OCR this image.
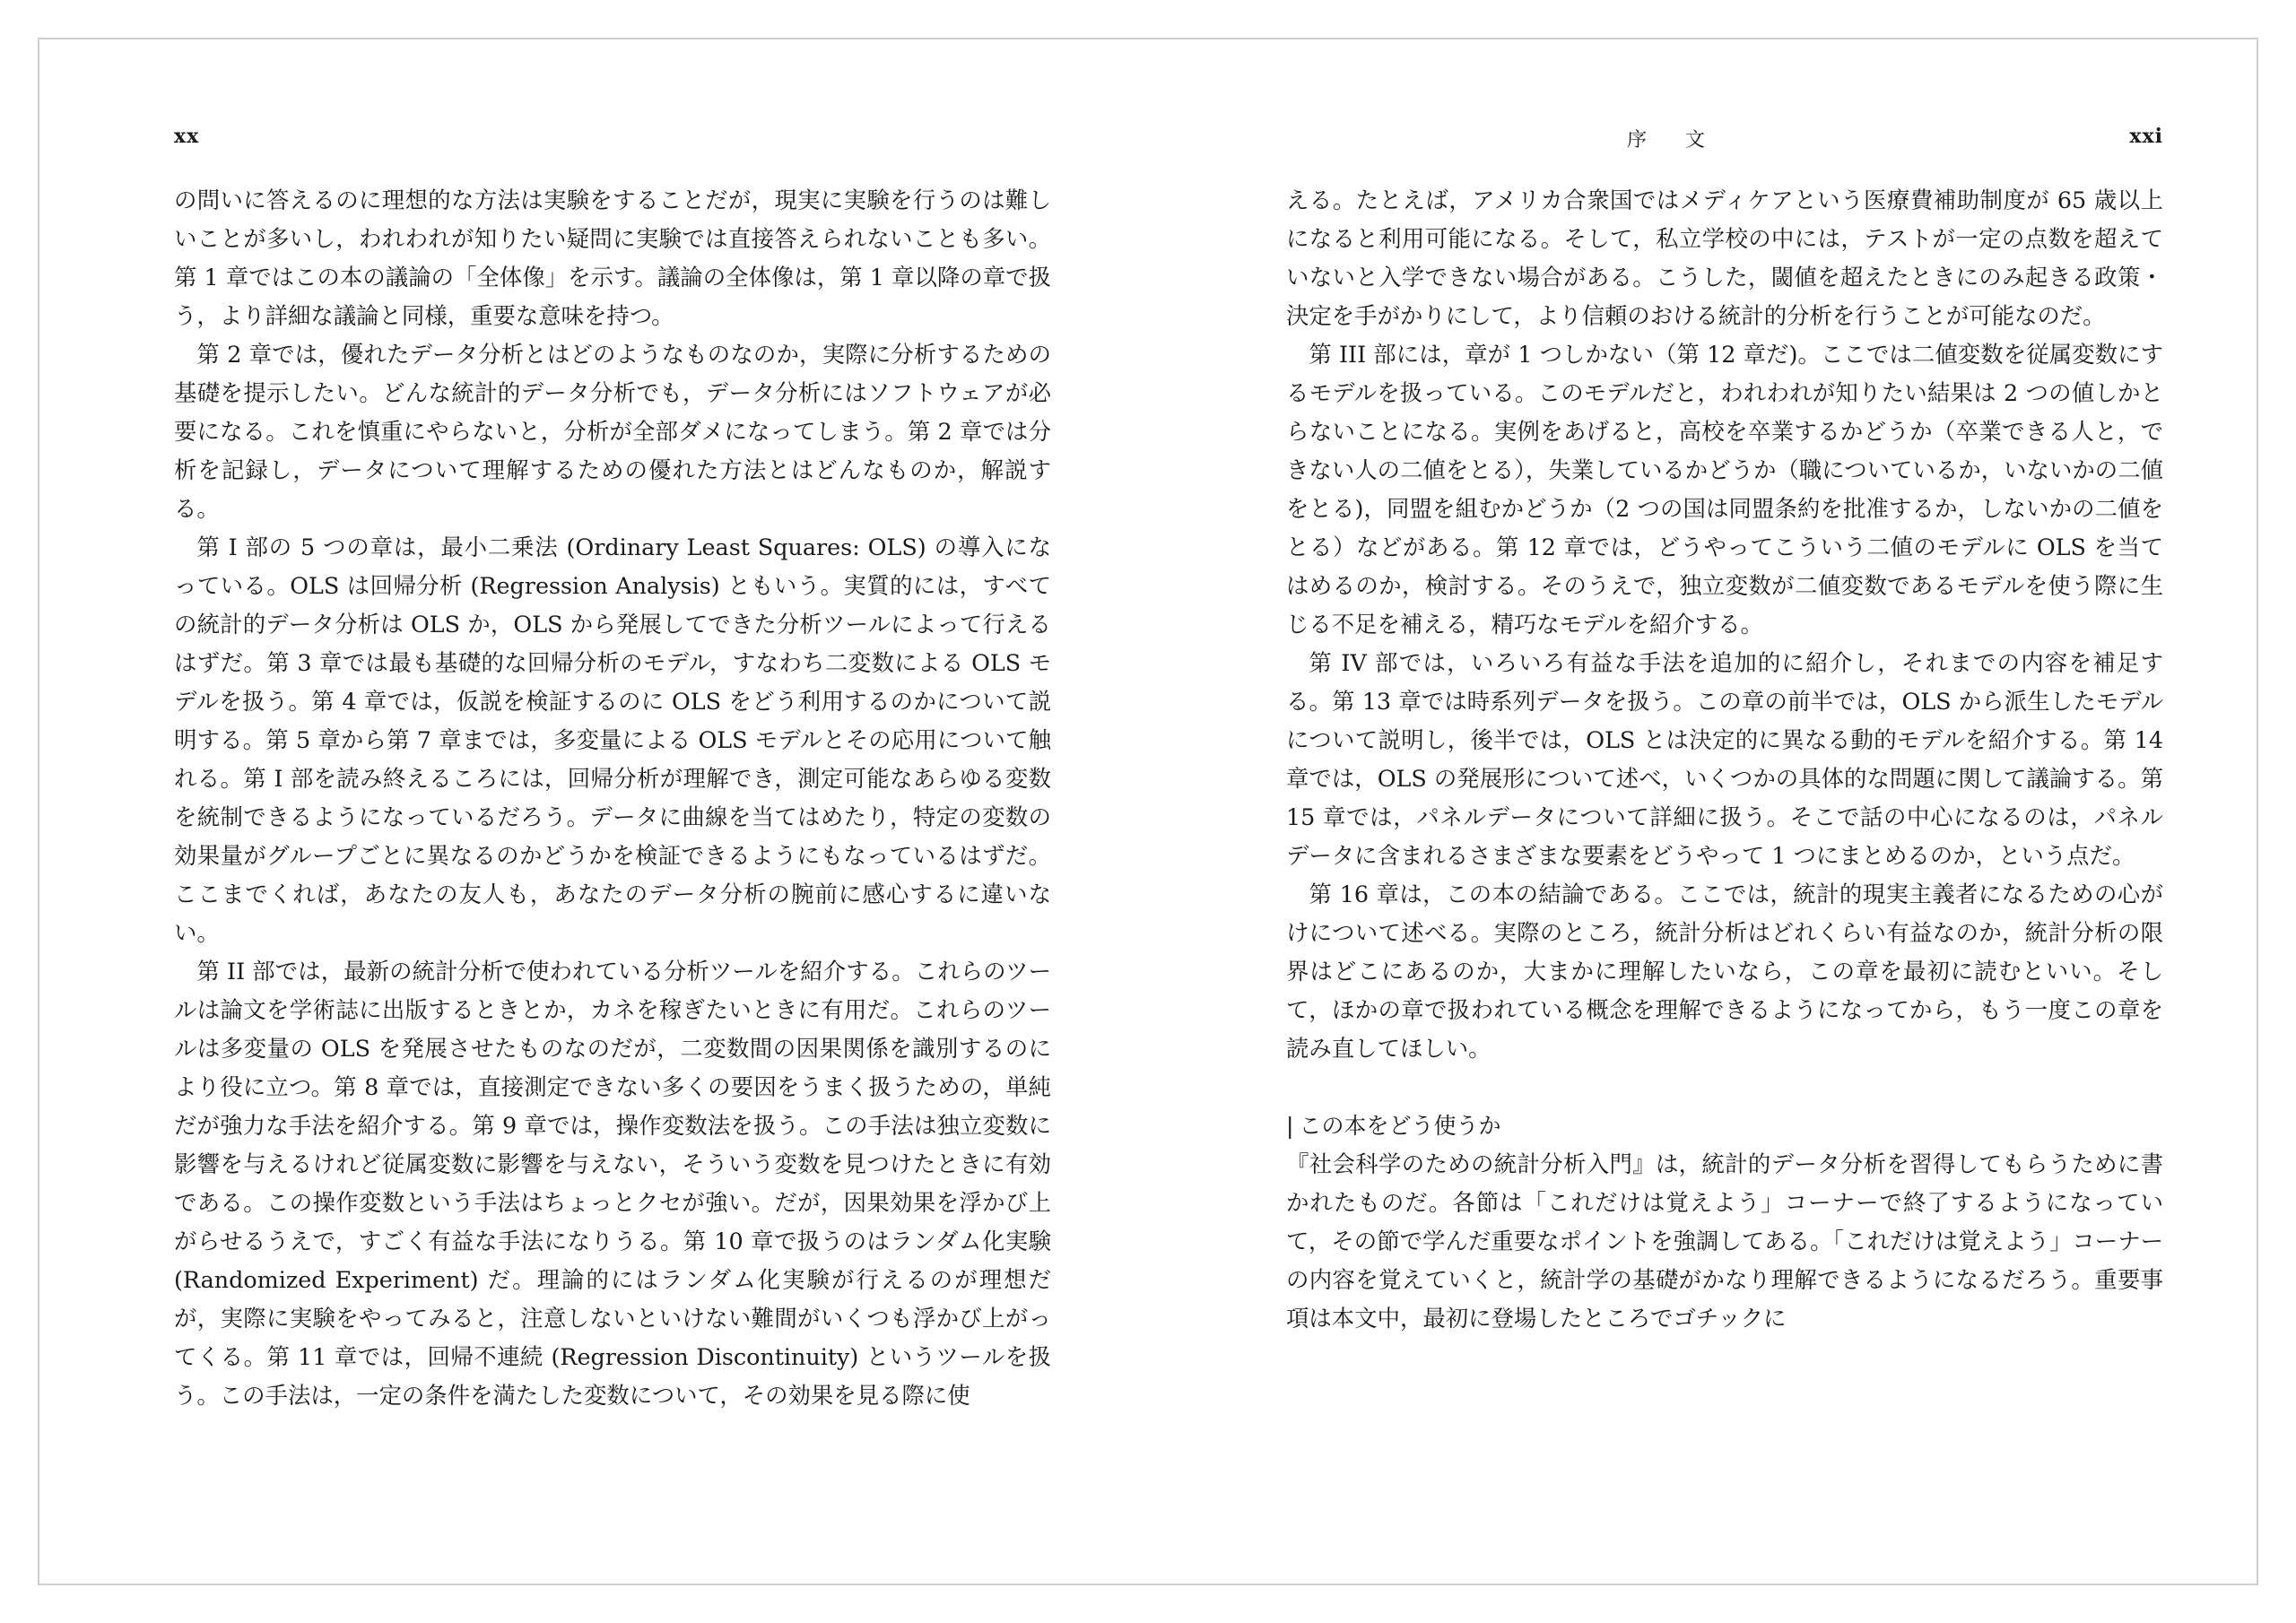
xx

の問いに答えるのに理想的な方法は実験をすることだが，現実に実験を行うのは難しいことが多いし，われわれが知りたい疑問に実験では直接答えられないことも多い。第 1 章ではこの本の議論の「全体像」を示す。議論の全体像は，第 1 章以降の章で扱う，より詳細な議論と同様，重要な意味を持つ。

第 2 章では，優れたデータ分析とはどのようなものなのか，実際に分析するための基礎を提示したい。どんな統計的データ分析でも，データ分析にはソフトウェアが必要になる。これを慎重にやらないと，分析が全部ダメになってしまう。第 2 章では分析を記録し，データについて理解するための優れた方法とはどんなものか，解説する。

第 I 部の 5 つの章は，最小二乗法 (Ordinary Least Squares: OLS) の導入になっている。OLS は回帰分析 (Regression Analysis) ともいう。実質的には，すべての統計的データ分析は OLS か，OLS から発展してできた分析ツールによって行えるはずだ。第 3 章では最も基礎的な回帰分析のモデル，すなわち二変数による OLS モデルを扱う。第 4 章では，仮説を検証するのに OLS をどう利用するのかについて説明する。第 5 章から第 7 章までは，多変量による OLS モデルとその応用について触れる。第 I 部を読み終えるころには，回帰分析が理解でき，測定可能なあらゆる変数を統制できるようになっているだろう。データに曲線を当てはめたり，特定の変数の効果量がグループごとに異なるのかどうかを検証できるようにもなっているはずだ。ここまでくれば，あなたの友人も，あなたのデータ分析の腕前に感心するに違いない。

第 II 部では，最新の統計分析で使われている分析ツールを紹介する。これらのツールは論文を学術誌に出版するときとか，カネを稼ぎたいときに有用だ。これらのツールは多変量の OLS を発展させたものなのだが，二変数間の因果関係を識別するのにより役に立つ。第 8 章では，直接測定できない多くの要因をうまく扱うための，単純だが強力な手法を紹介する。第 9 章では，操作変数法を扱う。この手法は独立変数に影響を与えるけれど従属変数に影響を与えない，そういう変数を見つけたときに有効である。この操作変数という手法はちょっとクセが強い。だが，因果効果を浮かび上がらせるうえで，すごく有益な手法になりうる。第 10 章で扱うのはランダム化実験 (Randomized Experiment) だ。理論的にはランダム化実験が行えるのが理想だが，実際に実験をやってみると，注意しないといけない難間がいくつも浮かび上がってくる。第 11 章では，回帰不連続 (Regression Discontinuity) というツールを扱う。この手法は，一定の条件を満たした変数について，その効果を見る際に使

序 文	xxi

える。たとえば，アメリカ合衆国ではメディケアという医療費補助制度が 65 歳以上になると利用可能になる。そして，私立学校の中には，テストが一定の点数を超えていないと入学できない場合がある。こうした，閾値を超えたときにのみ起きる政策・決定を手がかりにして，より信頼のおける統計的分析を行うことが可能なのだ。

第 III 部には，章が 1 つしかない（第 12 章だ)。ここでは二値変数を従属変数にするモデルを扱っている。このモデルだと，われわれが知りたい結果は 2 つの値しかとらないことになる。実例をあげると，高校を卒業するかどうか（卒業できる人と，できない人の二値をとる），失業しているかどうか（職についているか，いないかの二値をとる)，同盟を組むかどうか（2 つの国は同盟条約を批准するか，しないかの二値をとる）などがある。第 12 章では，どうやってこういう二値のモデルに OLS を当てはめるのか，検討する。そのうえで，独立変数が二値変数であるモデルを使う際に生じる不足を補える，精巧なモデルを紹介する。

第 IV 部では，いろいろ有益な手法を追加的に紹介し，それまでの内容を補足する。第 13 章では時系列データを扱う。この章の前半では，OLS から派生したモデルについて説明し，後半では，OLS とは決定的に異なる動的モデルを紹介する。第 14 章では，OLS の発展形について述べ，いくつかの具体的な問題に関して議論する。第 15 章では，パネルデータについて詳細に扱う。そこで話の中心になるのは，パネルデータに含まれるさまざまな要素をどうやって 1 つにまとめるのか，という点だ。

第 16 章は，この本の結論である。ここでは，統計的現実主義者になるための心がけについて述べる。実際のところ，統計分析はどれくらい有益なのか，統計分析の限界はどこにあるのか，大まかに理解したいなら，この章を最初に読むといい。そして，ほかの章で扱われている概念を理解できるようになってから，もう一度この章を読み直してほしい。

| この本をどう使うか

『社会科学のための統計分析入門』は，統計的データ分析を習得してもらうために書かれたものだ。各節は「これだけは覚えよう」コーナーで終了するようになっていて，その節で学んだ重要なポイントを強調してある。「これだけは覚えよう」コーナーの内容を覚えていくと，統計学の基礎がかなり理解できるようになるだろう。重要事項は本文中，最初に登場したところでゴチックに
